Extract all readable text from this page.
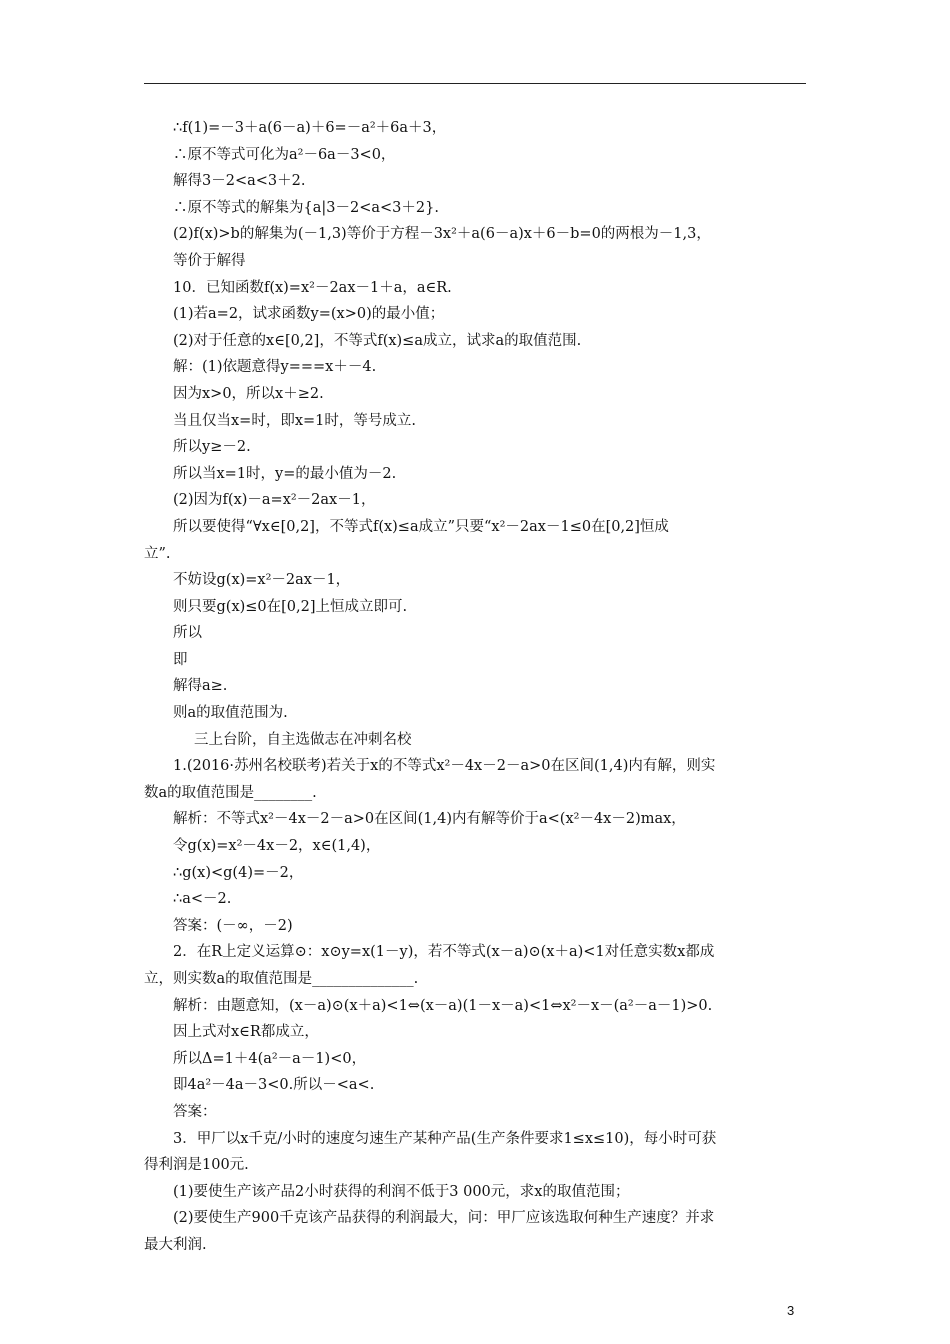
∴f(1)=－3＋a(6－a)＋6=－a²＋6a＋3，
∴原不等式可化为a²－6a－3<0，
解得3－2<a<3＋2.
∴原不等式的解集为{a|3－2<a<3＋2}.
(2)f(x)>b的解集为(－1,3)等价于方程－3x²＋a(6－a)x＋6－b=0的两根为－1,3，
等价于解得
10．已知函数f(x)=x²－2ax－1＋a，a∈R.
(1)若a=2，试求函数y=(x>0)的最小值；
(2)对于任意的x∈[0,2]，不等式f(x)≤a成立，试求a的取值范围.
解：(1)依题意得y===x＋－4.
因为x>0，所以x＋≥2.
当且仅当x=时，即x=1时，等号成立.
所以y≥－2.
所以当x=1时，y=的最小值为－2.
(2)因为f(x)－a=x²－2ax－1，
所以要使得“∀x∈[0,2]，不等式f(x)≤a成立”只要“x²－2ax－1≤0在[0,2]恒成
立”.
不妨设g(x)=x²－2ax－1，
则只要g(x)≤0在[0,2]上恒成立即可.
所以
即
解得a≥.
则a的取值范围为.
三上台阶，自主选做志在冲刺名校
1.(2016·苏州名校联考)若关于x的不等式x²－4x－2－a>0在区间(1,4)内有解，则实
数a的取值范围是________.
解析：不等式x²－4x－2－a>0在区间(1,4)内有解等价于a<(x²－4x－2)max，
令g(x)=x²－4x－2，x∈(1,4)，
∴g(x)<g(4)=－2，
∴a<－2.
答案：(－∞，－2)
2．在R上定义运算⊙：x⊙y=x(1－y)，若不等式(x－a)⊙(x＋a)<1对任意实数x都成
立，则实数a的取值范围是______________.
解析：由题意知，(x－a)⊙(x＋a)<1⇔(x－a)(1－x－a)<1⇔x²－x－(a²－a－1)>0.
因上式对x∈R都成立，
所以Δ=1＋4(a²－a－1)<0，
即4a²－4a－3<0.所以－<a<.
答案：
3．甲厂以x千克/小时的速度匀速生产某种产品(生产条件要求1≤x≤10)，每小时可获
得利润是100元.
(1)要使生产该产品2小时获得的利润不低于3 000元，求x的取值范围；
(2)要使生产900千克该产品获得的利润最大，问：甲厂应该选取何种生产速度？并求
最大利润.
3
